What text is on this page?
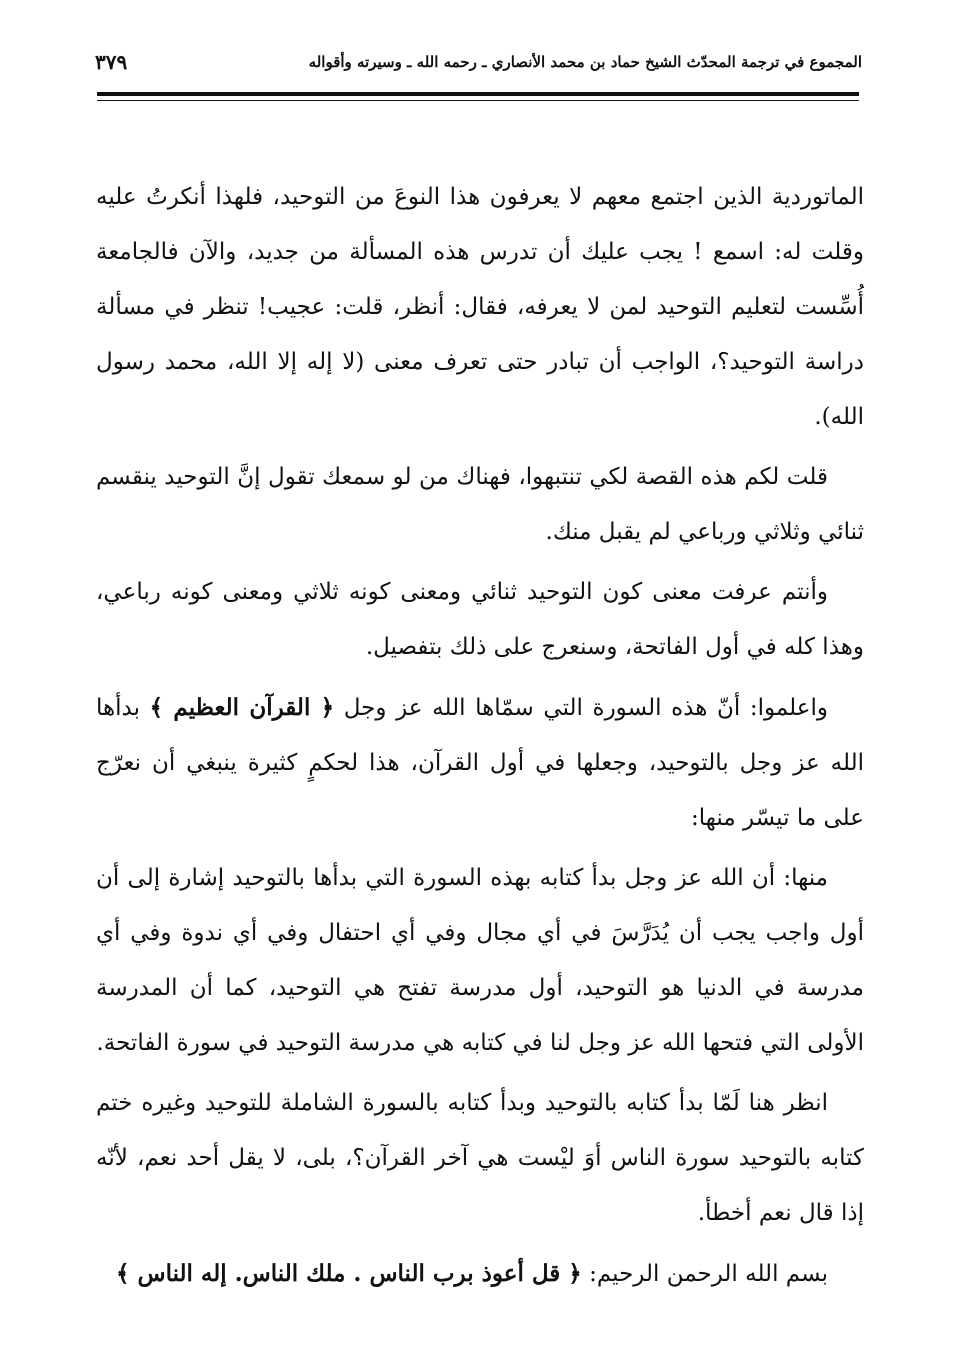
المجموع في ترجمة المحدّث الشيخ حماد بن محمد الأنصاري ـ رحمه الله ـ وسيرته وأقواله
٣٧٩

الماتوردية الذين اجتمع معهم لا يعرفون هذا النوعَ من التوحيد، فلهذا أنكرتُ عليه وقلت له: اسمع ! يجب عليك أن تدرس هذه المسألة من جديد، والآن فالجامعة أُسِّست لتعليم التوحيد لمن لا يعرفه، فقال: أنظر، قلت: عجيب! تنظر في مسألة دراسة التوحيد؟، الواجب أن تبادر حتى تعرف معنى (لا إله إلا الله، محمد رسول الله).

قلت لكم هذه القصة لكي تنتبهوا، فهناك من لو سمعك تقول إنَّ التوحيد ينقسم ثنائي وثلاثي ورباعي لم يقبل منك.

وأنتم عرفت معنى كون التوحيد ثنائي ومعنى كونه ثلاثي ومعنى كونه رباعي، وهذا كله في أول الفاتحة، وسنعرج على ذلك بتفصيل.

واعلموا: أنّ هذه السورة التي سمّاها الله عز وجل ﴿ القرآن العظيم ﴾ بدأها الله عز وجل بالتوحيد، وجعلها في أول القرآن، هذا لحكمٍ كثيرة ينبغي أن نعرّج على ما تيسّر منها:

منها: أن الله عز وجل بدأ كتابه بهذه السورة التي بدأها بالتوحيد إشارة إلى أن أول واجب يجب أن يُدَرَّسَ في أي مجال وفي أي احتفال وفي أي ندوة وفي أي مدرسة في الدنيا هو التوحيد، أول مدرسة تفتح هي التوحيد، كما أن المدرسة الأولى التي فتحها الله عز وجل لنا في كتابه هي مدرسة التوحيد في سورة الفاتحة.

انظر هنا لَمّا بدأ كتابه بالتوحيد وبدأ كتابه بالسورة الشاملة للتوحيد وغيره ختم كتابه بالتوحيد سورة الناس أوَ ليْست هي آخر القرآن؟، بلى، لا يقل أحد نعم، لأنّه إذا قال نعم أخطأ.

بسم الله الرحمن الرحيم: ﴿ قل أعوذ برب الناس . ملك الناس. إله الناس ﴾
